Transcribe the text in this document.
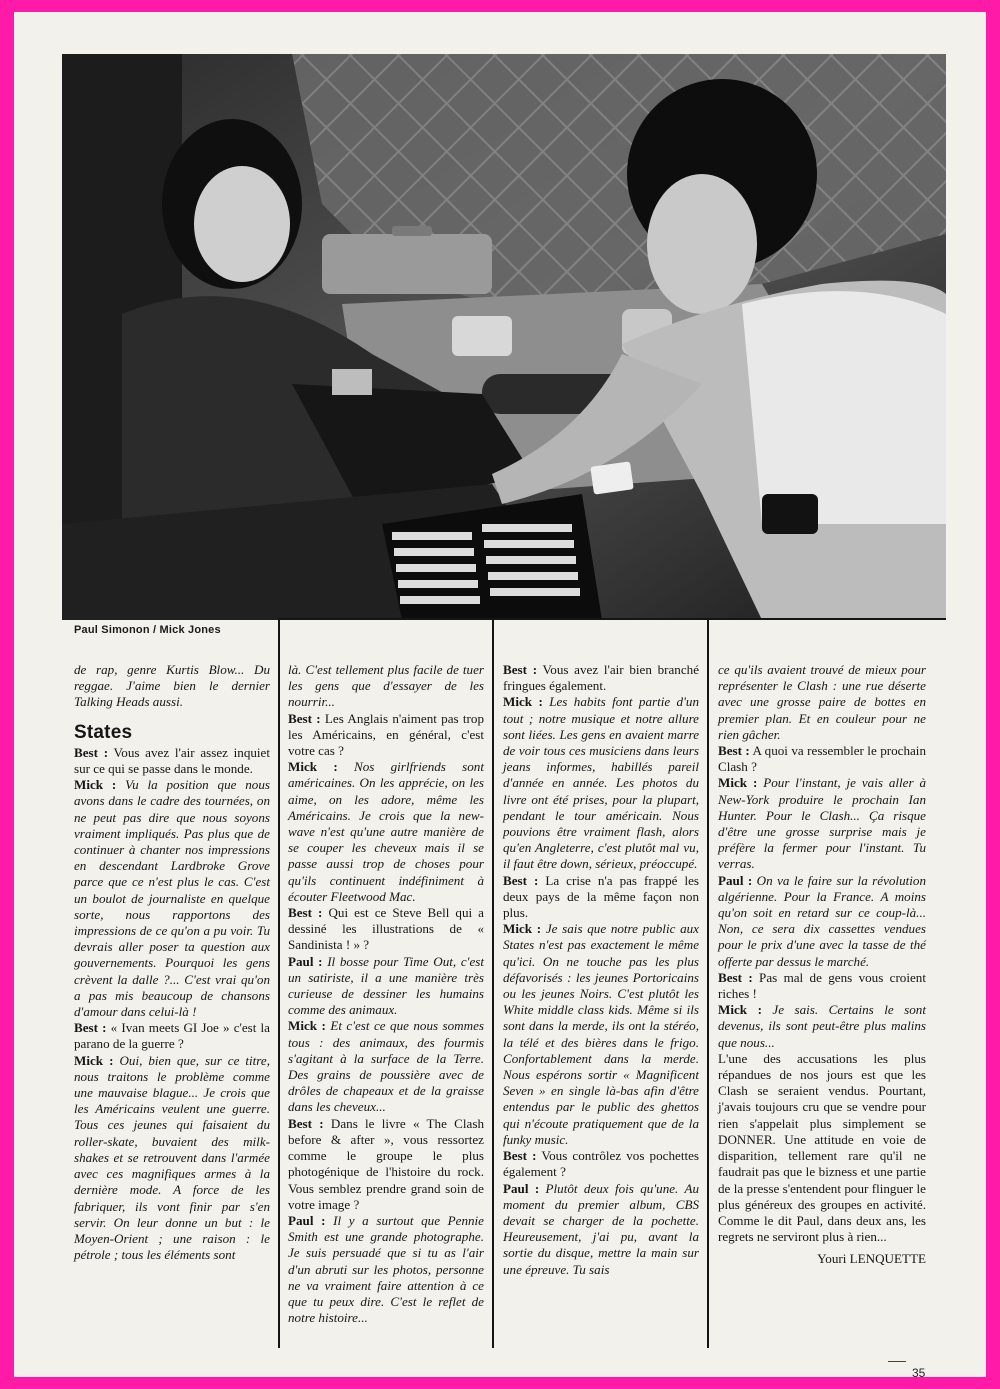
Paul Simonon / Mick Jones

de rap, genre Kurtis Blow... Du reggae. J'aime bien le dernier Talking Heads aussi.

States

Best : Vous avez l'air assez inquiet sur ce qui se passe dans le monde.

Mick : Vu la position que nous avons dans le cadre des tournées, on ne peut pas dire que nous soyons vraiment impliqués. Pas plus que de continuer à chanter nos impressions en descendant Lardbroke Grove parce que ce n'est plus le cas. C'est un boulot de journaliste en quelque sorte, nous rapportons des impressions de ce qu'on a pu voir. Tu devrais aller poser ta question aux gouvernements. Pourquoi les gens crèvent la dalle ?... C'est vrai qu'on a pas mis beaucoup de chansons d'amour dans celui-là !

Best : « Ivan meets GI Joe » c'est la parano de la guerre ?

Mick : Oui, bien que, sur ce titre, nous traitons le problème comme une mauvaise blague... Je crois que les Américains veulent une guerre. Tous ces jeunes qui faisaient du roller-skate, buvaient des milk-shakes et se retrouvent dans l'armée avec ces magnifiques armes à la dernière mode. A force de les fabriquer, ils vont finir par s'en servir. On leur donne un but : le Moyen-Orient ; une raison : le pétrole ; tous les éléments sont

là. C'est tellement plus facile de tuer les gens que d'essayer de les nourrir...

Best : Les Anglais n'aiment pas trop les Américains, en général, c'est votre cas ?

Mick : Nos girlfriends sont américaines. On les apprécie, on les aime, on les adore, même les Américains. Je crois que la new-wave n'est qu'une autre manière de se couper les cheveux mais il se passe aussi trop de choses pour qu'ils continuent indéfiniment à écouter Fleetwood Mac.

Best : Qui est ce Steve Bell qui a dessiné les illustrations de « Sandinista ! » ?

Paul : Il bosse pour Time Out, c'est un satiriste, il a une manière très curieuse de dessiner les humains comme des animaux.

Mick : Et c'est ce que nous sommes tous : des animaux, des fourmis s'agitant à la surface de la Terre. Des grains de poussière avec de drôles de chapeaux et de la graisse dans les cheveux...

Best : Dans le livre « The Clash before & after », vous ressortez comme le groupe le plus photogénique de l'histoire du rock. Vous semblez prendre grand soin de votre image ?

Paul : Il y a surtout que Pennie Smith est une grande photographe. Je suis persuadé que si tu as l'air d'un abruti sur les photos, personne ne va vraiment faire attention à ce que tu peux dire. C'est le reflet de notre histoire...

Best : Vous avez l'air bien branché fringues également.

Mick : Les habits font partie d'un tout ; notre musique et notre allure sont liées. Les gens en avaient marre de voir tous ces musiciens dans leurs jeans informes, habillés pareil d'année en année. Les photos du livre ont été prises, pour la plupart, pendant le tour américain. Nous pouvions être vraiment flash, alors qu'en Angleterre, c'est plutôt mal vu, il faut être down, sérieux, préoccupé.

Best : La crise n'a pas frappé les deux pays de la même façon non plus.

Mick : Je sais que notre public aux States n'est pas exactement le même qu'ici. On ne touche pas les plus défavorisés : les jeunes Portoricains ou les jeunes Noirs. C'est plutôt les White middle class kids. Même si ils sont dans la merde, ils ont la stéréo, la télé et des bières dans le frigo. Confortablement dans la merde. Nous espérons sortir « Magnificent Seven » en single là-bas afin d'être entendus par le public des ghettos qui n'écoute pratiquement que de la funky music.

Best : Vous contrôlez vos pochettes également ?

Paul : Plutôt deux fois qu'une. Au moment du premier album, CBS devait se charger de la pochette. Heureusement, j'ai pu, avant la sortie du disque, mettre la main sur une épreuve. Tu sais

ce qu'ils avaient trouvé de mieux pour représenter le Clash : une rue déserte avec une grosse paire de bottes en premier plan. Et en couleur pour ne rien gâcher.

Best : A quoi va ressembler le prochain Clash ?

Mick : Pour l'instant, je vais aller à New-York produire le prochain Ian Hunter. Pour le Clash... Ça risque d'être une grosse surprise mais je préfère la fermer pour l'instant. Tu verras.

Paul : On va le faire sur la révolution algérienne. Pour la France. A moins qu'on soit en retard sur ce coup-là... Non, ce sera dix cassettes vendues pour le prix d'une avec la tasse de thé offerte par dessus le marché.

Best : Pas mal de gens vous croient riches !

Mick : Je sais. Certains le sont devenus, ils sont peut-être plus malins que nous...

L'une des accusations les plus répandues de nos jours est que les Clash se seraient vendus. Pourtant, j'avais toujours cru que se vendre pour rien s'appelait plus simplement se DONNER. Une attitude en voie de disparition, tellement rare qu'il ne faudrait pas que le bizness et une partie de la presse s'entendent pour flinguer le plus généreux des groupes en activité. Comme le dit Paul, dans deux ans, les regrets ne serviront plus à rien...

Youri LENQUETTE

35
